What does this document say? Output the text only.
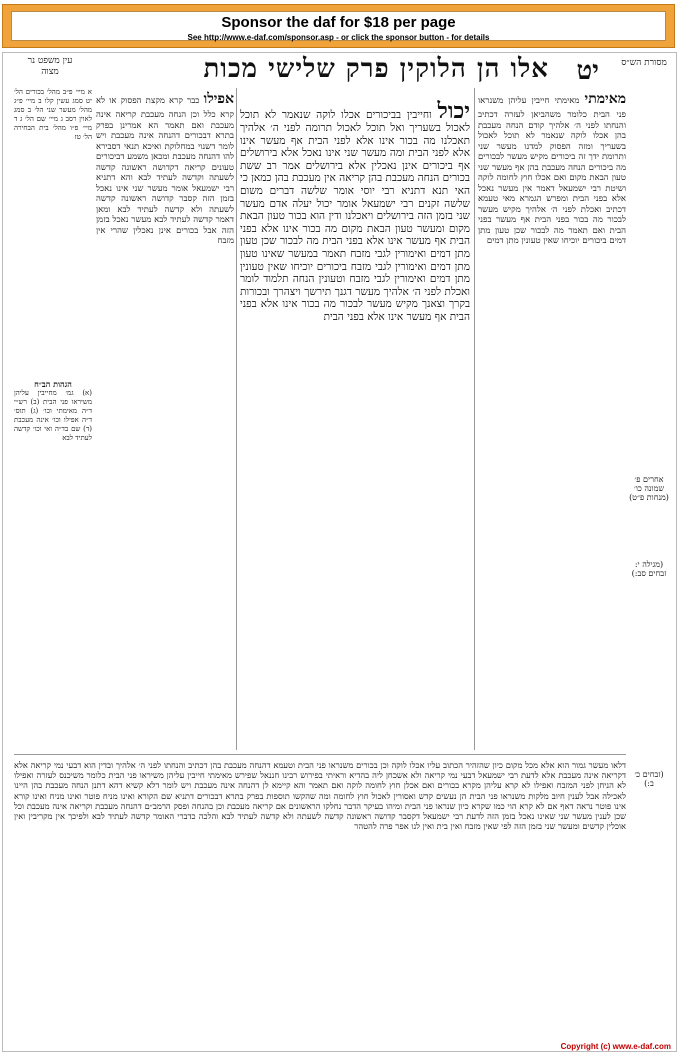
Sponsor the daf for $18 per page
See http://www.e-daf.com/sponsor.asp - or click the sponsor button - for details
עין משפט נר מצוה	יט
אלו הן הלוקין פרק שלישי מכות	מסורת הש״ס
יכול וחייבין בביכורים אכלו לוקה שנאמר לא תוכל לאכול בשעריך ואל תוכל לאכול תרומה לפני ה׳ אלהיך תאכלנו מה בכור אינו אלא לפני הבית אף מעשר אינו אלא לפני הבית ומה מעשר שני אינו נאכל אלא בירושלים אף ביכורים אינן נאכלין אלא בירושלים אמר רב ששת בכורים הנחה מעכבת בהן קריאה אין מעכבת בהן כמאן כי האי תנא דתניא רבי יוסי אומר שלשה דברים משום שלשה זקנים רבי ישמעאל אומר יכול יעלה אדם מעשר שני בזמן הזה בירושלים ויאכלנו ודין הוא בכור טעון הבאת מקום ומעשר טעון הבאת מקום מה בכור אינו אלא בפני הבית אף מעשר אינו אלא בפני הבית מה לבכור שכן טעון מתן דמים ואימורין לגבי מזבח תאמר במעשר שאינו טעון מתן דמים ואימורין לגבי מזבח ביכורים יוכיחו שאין טעונין מתן דמים ואימורין לגבי מזבח וטעונין הנחה תלמוד לומר ואכלת לפני ה׳ אלהיך מעשר דגנך תירשך ויצהרך ובכורות בקרך וצאנך מקיש מעשר לבכור מה בכור אינו אלא בפני הבית אף מעשר אינו אלא בפני הבית
מאימתי מאימתי חייבין עליהן משנראו פני הבית כלומר משהביאן לעזרה דכתיב והנחתו לפני ה׳ אלהיך קודם הנחה מעכבת בהן אכלו לוקה שנאמר לא תוכל לאכול בשעריך ומזה הפסוק למדנו מעשר שני ותרומת ידך זה ביכורים מקיש מעשר לבכורים מה ביכורים הנחה מעכבת בהן אף מעשר שני טעון הבאת מקום ואם אכלו חוץ לחומה לוקה ושיטת רבי ישמעאל דאמר אין מעשר נאכל אלא בפני הבית ומפרש הגמרא מאי טעמא דכתיב ואכלת לפני ה׳ אלהיך מקיש מעשר לבכור מה בכור בפני הבית אף מעשר בפני הבית ואם תאמר מה לבכור שכן טעון מתן דמים ביכורים יוכיחו שאין טעונין מתן דמים
אפילו כבר קרא מקצת הפסוק או לא קרא כלל וכן הנחה מעכבת קריאה אינה מעכבת ואם תאמר הא אמרינן בפרק בתרא דבכורים דהנחה אינה מעכבת ויש לומר דשנוי במחלוקת ואיכא תנאי דסבירא להו דהנחה מעכבת ומכאן משמע דביכורים טעונים קריאה דקדושה ראשונה קדשה לשעתה וקדשה לעתיד לבא והא דתניא רבי ישמעאל אומר מעשר שני אינו נאכל בזמן הזה קסבר קדושה ראשונה קדשה לשעתה ולא קדשה לעתיד לבא ומאן דאמר קדשה לעתיד לבא מעשר נאכל בזמן הזה אבל בכורים אינן נאכלין שהרי אין מזבח
א מיי׳ פ״ב מהל׳ בכורים הל׳ יט סמג עשין קלו ב מיי׳ פ״ג מהל׳ מעשר שני הל׳ ב סמג לאוין רסב ג מיי׳ שם הל׳ ג ד מיי׳ פ״ו מהל׳ בית הבחירה הל׳ טז
הגהות הב״ח
(א) גמ׳ מחייבין עליהן משיראו פני הבית (ב) רש״י ד״ה מאימתי וכו׳ (ג) תוס׳ ד״ה אפילו וכו׳ אינה מעכבת (ד) שם בד״ה ואי וכו׳ קדשה לעתיד לבא
דלאו מעשר גמור הוא אלא מכל מקום כיון שהזהיר הכתוב עליו אכלו לוקה וכן בכורים משנראו פני הבית וטעמא דהנחה מעכבת בהן דכתיב והנחתו לפני ה׳ אלהיך ובדין הוא דבעי נמי קריאה אלא דקריאה אינה מעכבת אלא לדעת רבי ישמעאל דבעי נמי קריאה ולא אשכחן ליה בהדיא וראיתי בפירוש רבינו חננאל שפירש מאימתי חייבין עליהן משיראו פני הבית כלומר משיכנס לעזרה ואפילו לא הניחן לפני המזבח ואפילו לא קרא עליהן מקרא בכורים ואם אכלן חוץ לחומה לוקה ואם תאמר והא קיימא לן דהנחה אינה מעכבת ויש לומר דלא קשיא דהא דתנן הנחה מעכבת בהן היינו לאכילה אבל לענין חיוב מלקות משנראו פני הבית הן נעשים קדש ואסורין לאכול חוץ לחומה ומה שהקשו תוספות בפרק בתרא דבכורים דתניא שם הקורא ואינו מניח פוטר ואינו מניח ואינו קורא אינו פוטר נראה דאף אם לא קרא הוי כמו שקרא כיון שנראו פני הבית ומיהו בעיקר הדבר נחלקו הראשונים אם קריאה מעכבת וכן בהנחה ופסק הרמב״ם דהנחה מעכבת וקריאה אינה מעכבת וכל שכן לענין מעשר שני שאינו נאכל בזמן הזה לדעת רבי ישמעאל דקסבר קדושה ראשונה קדשה לשעתה ולא קדשה לעתיד לבא והלכה כדברי האומר קדשה לעתיד לבא ולפיכך אין מקריבין ואין אוכלין קדשים ומעשר שני בזמן הזה לפי שאין מזבח ואין בית ואין לנו אפר פרה להטהר
אחרים פ׳ שמונה כו׳ (מנחות פ״ט)
(מגילה י: זבחים סב:)
(זבחים כ׳ ב:)
Copyright (c) www.e-daf.com
